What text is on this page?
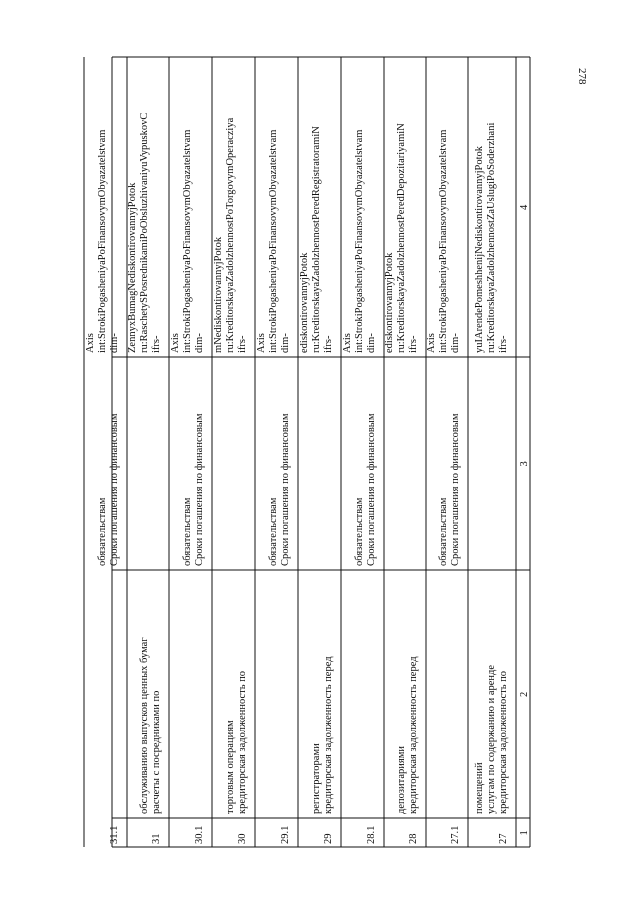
278
1
2
3
4
27
кредиторская задолженность по
услугам по содержанию и аренде
помещений
ifrs-
ru:KreditorskayaZadolzhennostZaUslugiPoSoderzhani
yuIArendePomeshhenijNediskontirovannyjPotok
27.1
Сроки погашения по финансовым
обязательствам
dim-
int:StrokiPogasheniyaPoFinansovymObyazatelstvam
Axis
28
кредиторская задолженность перед
депозитариями
ifrs-
ru:KreditorskayaZadolzhennostPeredDepozitariyamiN
ediskontirovannyjPotok
28.1
Сроки погашения по финансовым
обязательствам
dim-
int:StrokiPogasheniyaPoFinansovymObyazatelstvam
Axis
29
кредиторская задолженность перед
регистраторами
ifrs-
ru:KreditorskayaZadolzhennostPeredRegistratoramiN
ediskontirovannyjPotok
29.1
Сроки погашения по финансовым
обязательствам
dim-
int:StrokiPogasheniyaPoFinansovymObyazatelstvam
Axis
30
кредиторская задолженность по
торговым операциям
ifrs-
ru:KreditorskayaZadolzhennostPoTorgovymOperacziya
mNediskontirovannyjPotok
30.1
Сроки погашения по финансовым
обязательствам
dim-
int:StrokiPogasheniyaPoFinansovymObyazatelstvam
Axis
31
расчеты с посредниками по
обслуживанию выпусков ценных бумаг
ifrs-
ru:RaschetySPosrednikamiPoObsluzhivaniyuVypuskovC
ZennyxBumagNediskontirovannyjPotok
31.1
Сроки погашения по финансовым
обязательствам
dim-
int:StrokiPogasheniyaPoFinansovymObyazatelstvam
Axis
